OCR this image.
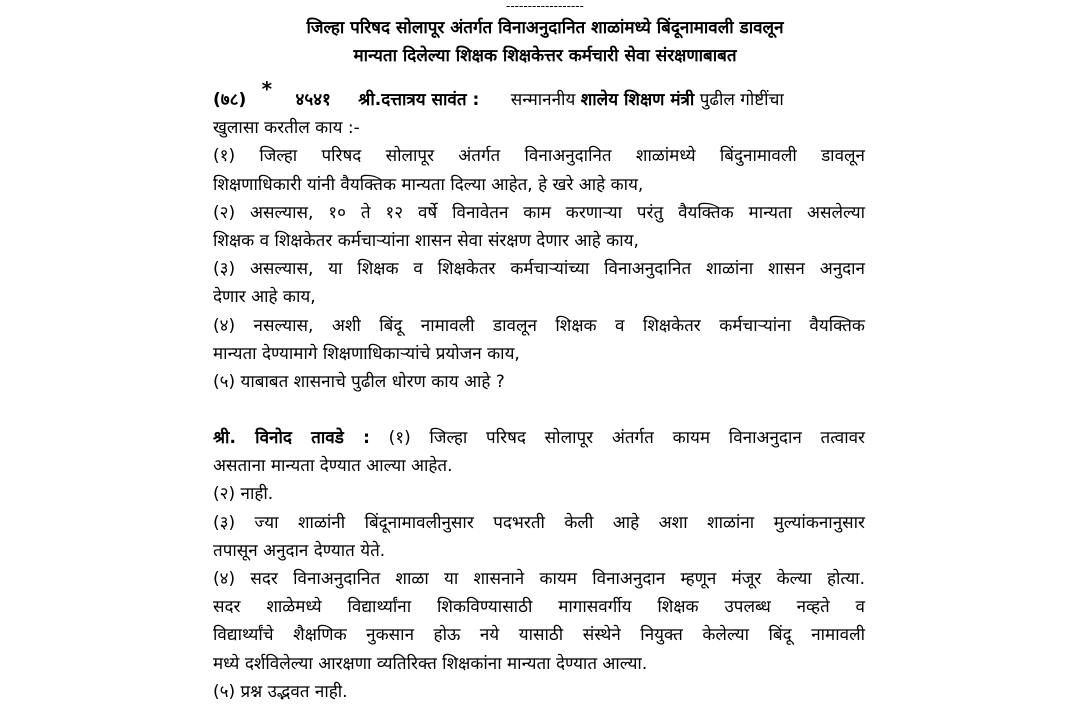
------------------
जिल्हा परिषद सोलापूर अंतर्गत विनाअनुदानित शाळांमध्ये बिंदूनामावली डावलून
मान्यता दिलेल्या शिक्षक शिक्षकेत्तर कर्मचारी सेवा संरक्षणाबाबत
(७८) * ४५४१ श्री.दत्तात्रय सावंत : सन्माननीय शालेय शिक्षण मंत्री पुढील गोष्टींचा
खुलासा करतील काय :-
(१) जिल्हा परिषद सोलापूर अंतर्गत विनाअनुदानित शाळांमध्ये बिंदुनामावली डावलून
शिक्षणाधिकारी यांनी वैयक्तिक मान्यता दिल्या आहेत, हे खरे आहे काय,
(२) असल्यास, १० ते १२ वर्षे विनावेतन काम करणाऱ्या परंतु वैयक्तिक मान्यता असलेल्या
शिक्षक व शिक्षकेतर कर्मचाऱ्यांना शासन सेवा संरक्षण देणार आहे काय,
(३) असल्यास, या शिक्षक व शिक्षकेतर कर्मचाऱ्यांच्या विनाअनुदानित शाळांना शासन अनुदान
देणार आहे काय,
(४) नसल्यास, अशी बिंदू नामावली डावलून शिक्षक व शिक्षकेतर कर्मचाऱ्यांना वैयक्तिक
मान्यता देण्यामागे शिक्षणाधिकाऱ्यांचे प्रयोजन काय,
(५) याबाबत शासनाचे पुढील धोरण काय आहे ?
श्री. विनोद तावडे : (१) जिल्हा परिषद सोलापूर अंतर्गत कायम विनाअनुदान तत्वावर
असताना मान्यता देण्यात आल्या आहेत.
(२) नाही.
(३) ज्या शाळांनी बिंदूनामावलीनुसार पदभरती केली आहे अशा शाळांना मुल्यांकनानुसार
तपासून अनुदान देण्यात येते.
(४) सदर विनाअनुदानित शाळा या शासनाने कायम विनाअनुदान म्हणून मंजूर केल्या होत्या.
सदर शाळेमध्ये विद्यार्थ्यांना शिकविण्यासाठी मागासवर्गीय शिक्षक उपलब्ध नव्हते व
विद्यार्थ्यांचे शैक्षणिक नुकसान होऊ नये यासाठी संस्थेने नियुक्त केलेल्या बिंदू नामावली
मध्ये दर्शविलेल्या आरक्षणा व्यतिरिक्त शिक्षकांना मान्यता देण्यात आल्या.
(५) प्रश्न उद्भवत नाही.
